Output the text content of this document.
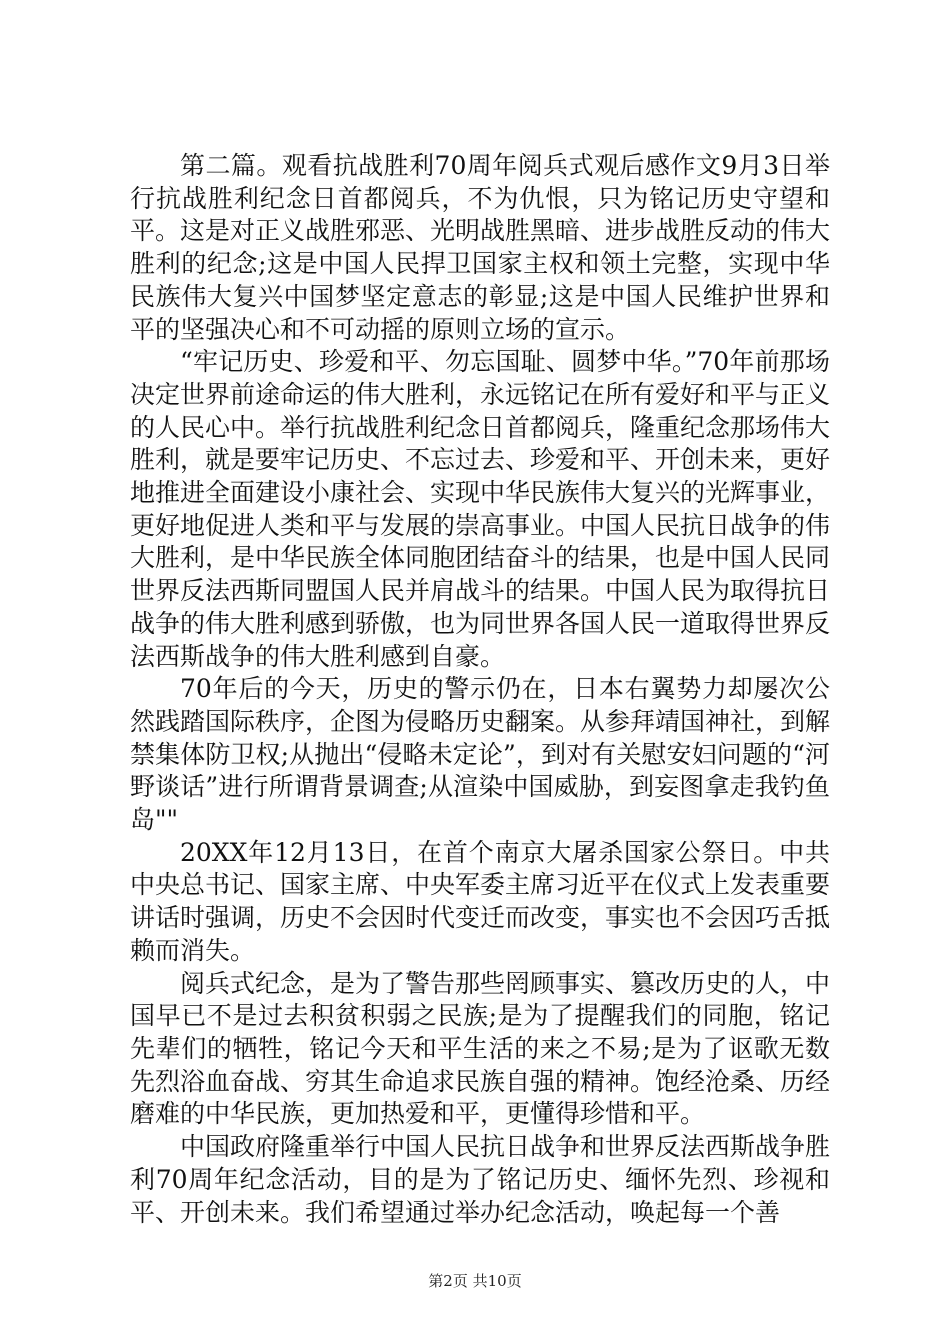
第二篇。观看抗战胜利70周年阅兵式观后感作文9月3日举行抗战胜利纪念日首都阅兵，不为仇恨，只为铭记历史守望和平。这是对正义战胜邪恶、光明战胜黑暗、进步战胜反动的伟大胜利的纪念;这是中国人民捍卫国家主权和领土完整，实现中华民族伟大复兴中国梦坚定意志的彰显;这是中国人民维护世界和平的坚强决心和不可动摇的原则立场的宣示。

“牢记历史、珍爱和平、勿忘国耻、圆梦中华。”70年前那场决定世界前途命运的伟大胜利，永远铭记在所有爱好和平与正义的人民心中。举行抗战胜利纪念日首都阅兵，隆重纪念那场伟大胜利，就是要牢记历史、不忘过去、珍爱和平、开创未来，更好地推进全面建设小康社会、实现中华民族伟大复兴的光辉事业，更好地促进人类和平与发展的崇高事业。中国人民抗日战争的伟大胜利，是中华民族全体同胞团结奋斗的结果，也是中国人民同世界反法西斯同盟国人民并肩战斗的结果。中国人民为取得抗日战争的伟大胜利感到骄傲，也为同世界各国人民一道取得世界反法西斯战争的伟大胜利感到自豪。

70年后的今天，历史的警示仍在，日本右翼势力却屡次公然践踏国际秩序，企图为侵略历史翻案。从参拜靖国神社，到解禁集体防卫权;从抛出“侵略未定论”，到对有关慰安妇问题的“河野谈话”进行所谓背景调查;从渲染中国威胁，到妄图拿走我钓鱼岛""

20XX年12月13日，在首个南京大屠杀国家公祭日。中共中央总书记、国家主席、中央军委主席习近平在仪式上发表重要讲话时强调，历史不会因时代变迁而改变，事实也不会因巧舌抵赖而消失。

阅兵式纪念，是为了警告那些罔顾事实、篡改历史的人，中国早已不是过去积贫积弱之民族;是为了提醒我们的同胞，铭记先辈们的牺牲，铭记今天和平生活的来之不易;是为了讴歌无数先烈浴血奋战、穷其生命追求民族自强的精神。饱经沧桑、历经磨难的中华民族，更加热爱和平，更懂得珍惜和平。

中国政府隆重举行中国人民抗日战争和世界反法西斯战争胜利70周年纪念活动，目的是为了铭记历史、缅怀先烈、珍视和平、开创未来。我们希望通过举办纪念活动，唤起每一个善

第2页 共10页
